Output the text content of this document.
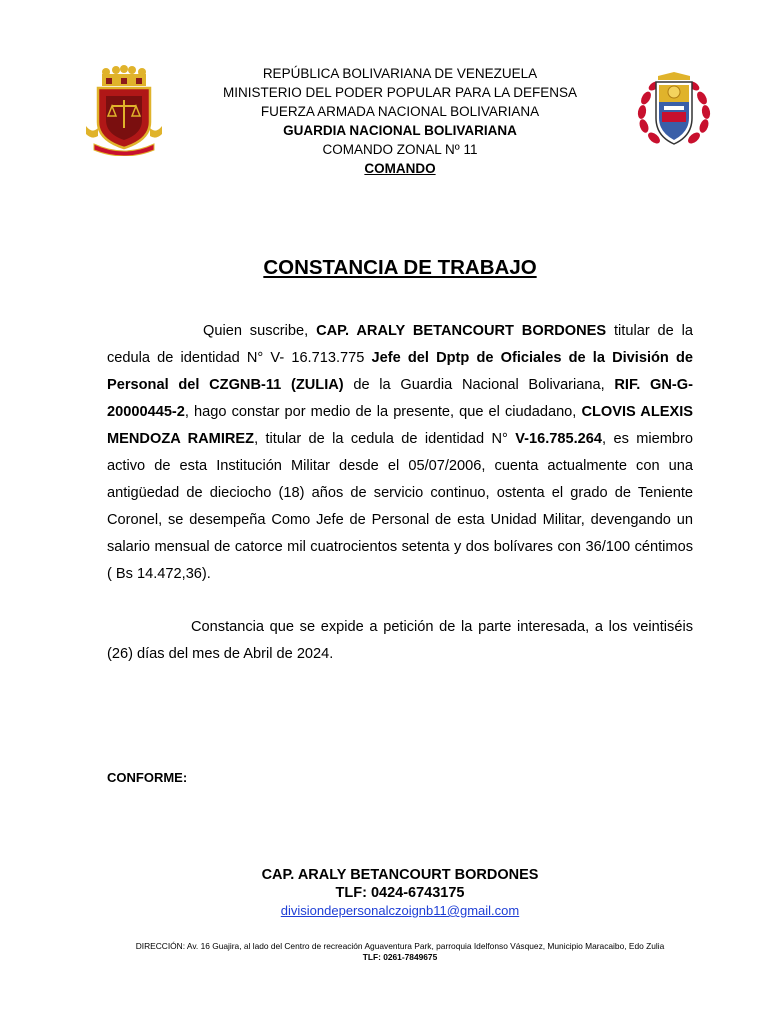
REPÚBLICA BOLIVARIANA DE VENEZUELA
MINISTERIO DEL PODER POPULAR PARA LA DEFENSA
FUERZA ARMADA NACIONAL BOLIVARIANA
GUARDIA NACIONAL BOLIVARIANA
COMANDO ZONAL Nº 11
COMANDO
CONSTANCIA DE TRABAJO
Quien suscribe, CAP. ARALY BETANCOURT BORDONES titular de la cedula de identidad N° V- 16.713.775 Jefe del Dptp de Oficiales de la División de Personal del CZGNB-11 (ZULIA) de la Guardia Nacional Bolivariana, RIF. GN-G-20000445-2, hago constar por medio de la presente, que el ciudadano, CLOVIS ALEXIS MENDOZA RAMIREZ, titular de la cedula de identidad N° V-16.785.264, es miembro activo de esta Institución Militar desde el 05/07/2006, cuenta actualmente con una antigüedad de dieciocho (18) años de servicio continuo, ostenta el grado de Teniente Coronel, se desempeña Como Jefe de Personal de esta Unidad Militar, devengando un salario mensual de catorce mil cuatrocientos setenta y dos bolívares con 36/100 céntimos ( Bs 14.472,36).
Constancia que se expide a petición de la parte interesada, a los veintiséis (26) días del mes de Abril de 2024.
CONFORME:
CAP. ARALY BETANCOURT BORDONES
TLF: 0424-6743175
divisiondepersonalczoignb11@gmail.com
DIRECCIÓN: Av. 16 Guajira, al lado del Centro de recreación Aguaventura Park, parroquia Idelfonso Vásquez, Municipio Maracaibo, Edo Zulia
TLF: 0261-7849675
